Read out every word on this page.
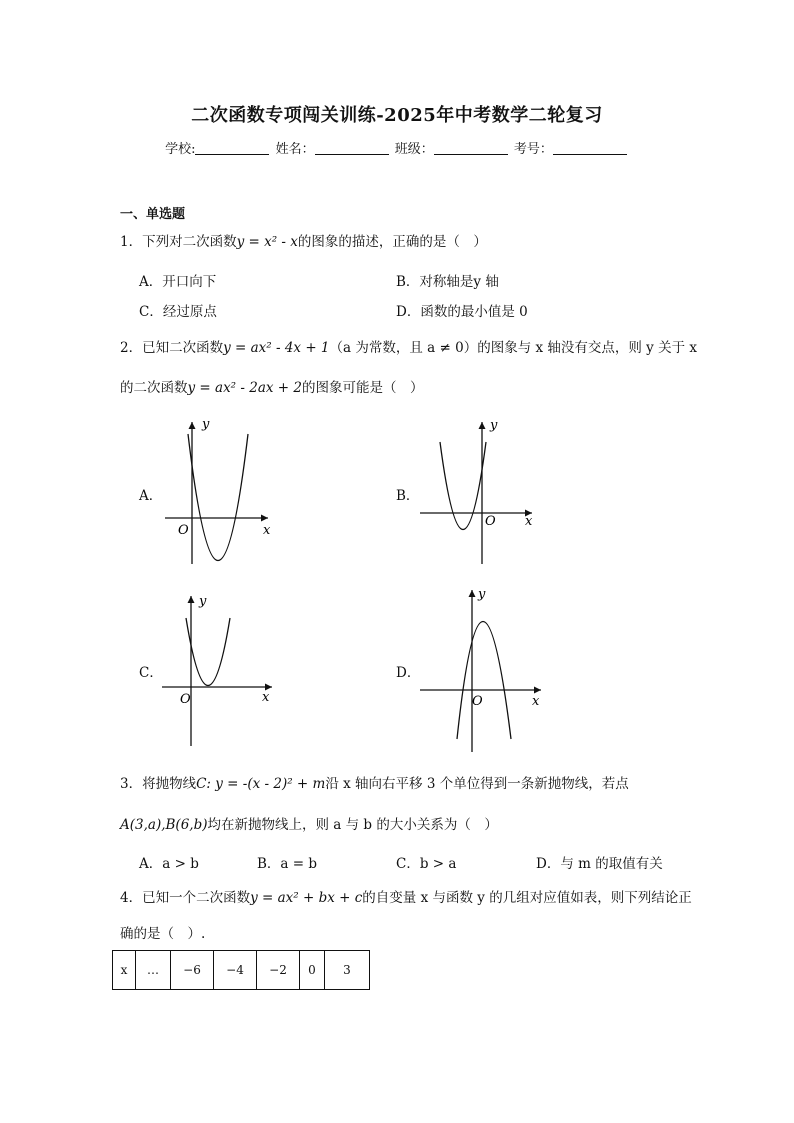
二次函数专项闯关训练-2025年中考数学二轮复习
学校:	姓名：	班级：	考号：
一、单选题
1．下列对二次函数y = x² - x的图象的描述，正确的是（　）
A．开口向下	B．对称轴是y 轴
C．经过原点	D．函数的最小值是 0
2．已知二次函数y = ax² - 4x + 1（a 为常数，且 a ≠ 0）的图象与 x 轴没有交点，则 y 关于 x
的二次函数y = ax² - 2ax + 2的图象可能是（　）
A．
y
x
O
B．
y
x
O
C．
y
x
O
D．
y
x
O
3．将抛物线C: y = -(x - 2)² + m沿 x 轴向右平移 3 个单位得到一条新抛物线，若点
A(3,a),B(6,b)均在新抛物线上，则 a 与 b 的大小关系为（　）
A．a > b	B．a = b	C．b > a	D．与 m 的取值有关
4．已知一个二次函数y = ax² + bx + c的自变量 x 与函数 y 的几组对应值如表，则下列结论正
确的是（　）.
x	…	−6	−4	−2	0	3
